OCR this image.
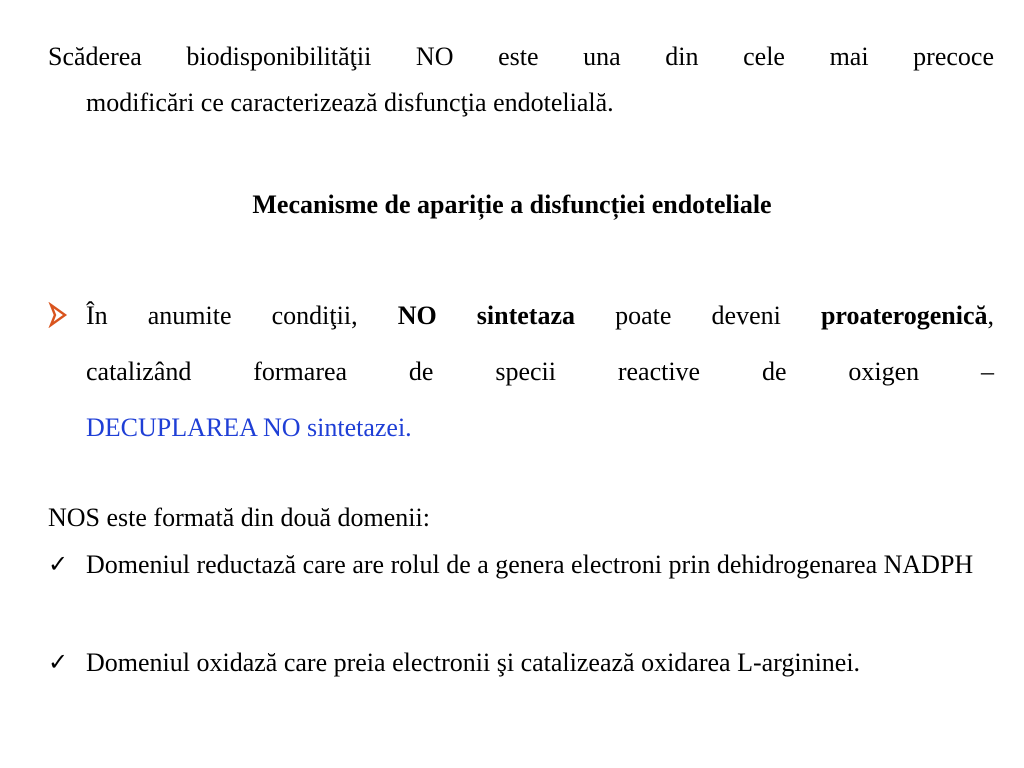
Scăderea biodisponibilităţii NO este una din cele mai precoce
modificări ce caracterizează disfuncţia endotelială.
Mecanisme de apariție a disfuncției endoteliale
În anumite condiţii, NO sintetaza poate deveni proaterogenică,
catalizând formarea de specii reactive de oxigen –
DECUPLAREA NO sintetazei.
NOS este formată din două domenii:
✓ Domeniul reductază care are rolul de a genera electroni prin dehidrogenarea NADPH
✓ Domeniul oxidază care preia electronii şi catalizează oxidarea L-argininei.
